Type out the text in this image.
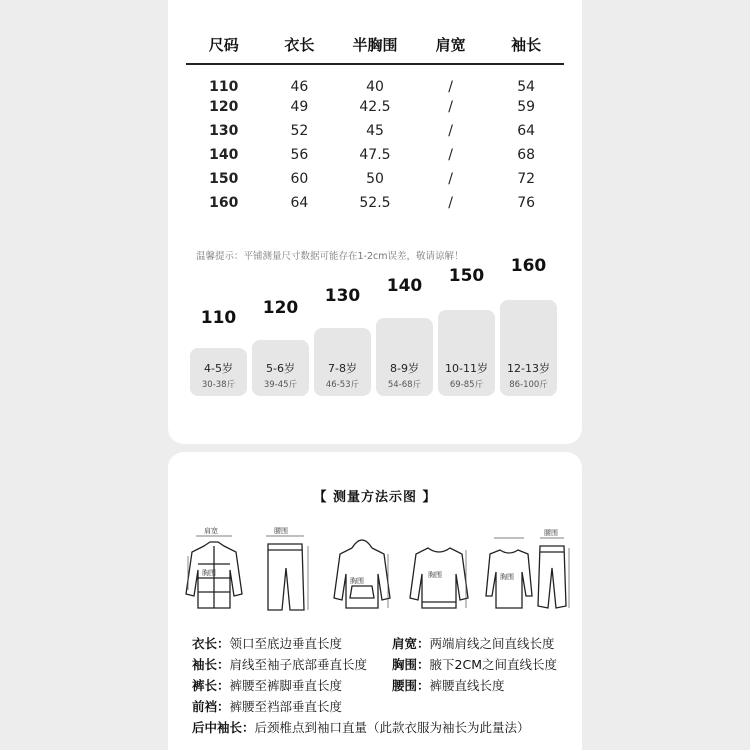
尺码	衣长	半胸围	肩宽	袖长
110	46	40	/	54
120	49	42.5	/	59
130	52	45	/	64
140	56	47.5	/	68
150	60	50	/	72
160	64	52.5	/	76
温馨提示：平铺测量尺寸数据可能存在1-2cm误差，敬请谅解！
110
4-5岁
30-38斤
120
5-6岁
39-45斤
130
7-8岁
46-53斤
140
8-9岁
54-68斤
150
10-11岁
69-85斤
160
12-13岁
86-100斤
【 测量方法示图 】
肩宽
胸围
腰围
胸围
胸围	胸围
腰围
衣长：领口至底边垂直长度	肩宽：两端肩线之间直线长度
袖长：肩线至袖子底部垂直长度 胸围：腋下2CM之间直线长度
裤长：裤腰至裤脚垂直长度	腰围：裤腰直线长度
前裆：裤腰至裆部垂直长度
后中袖长：后颈椎点到袖口直量（此款衣服为袖长为此量法）
